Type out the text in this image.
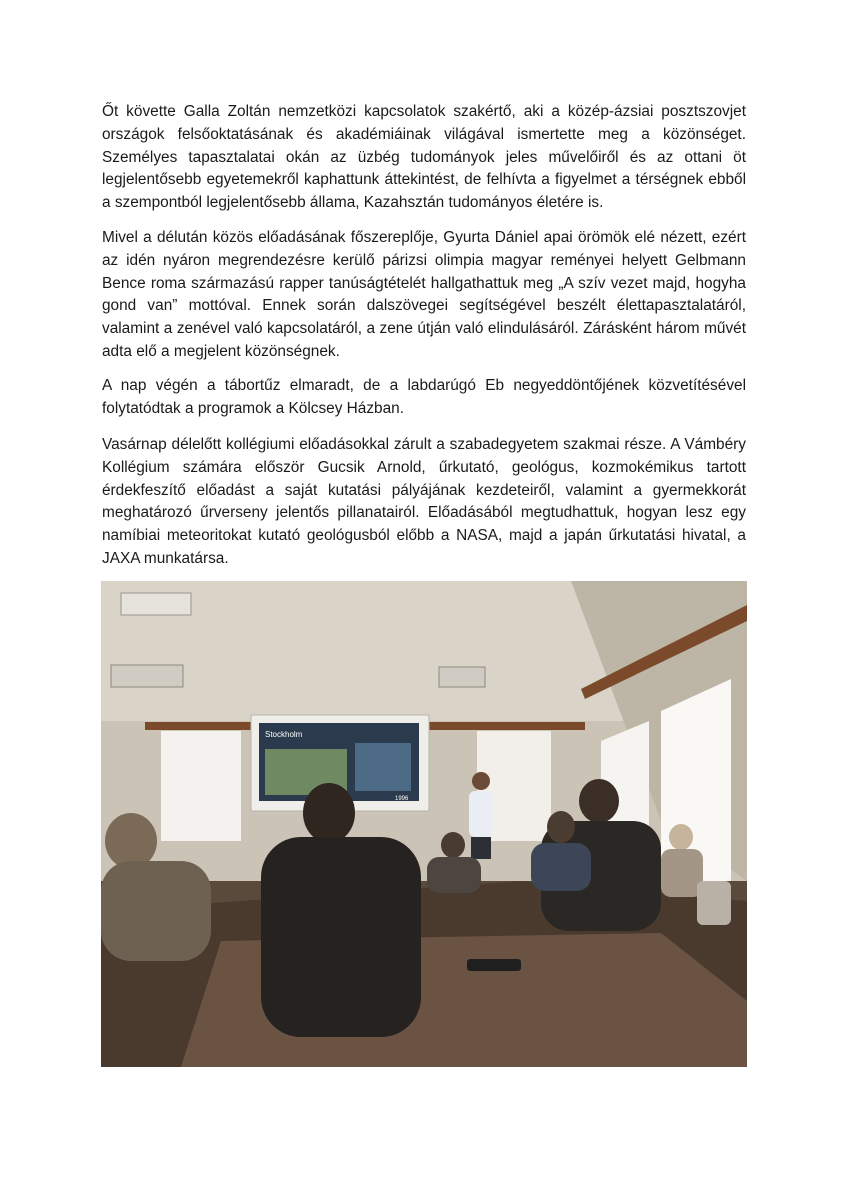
Őt követte Galla Zoltán nemzetközi kapcsolatok szakértő, aki a közép-ázsiai posztszovjet országok felsőoktatásának és akadémiáinak világával ismertette meg a közönséget. Személyes tapasztalatai okán az üzbég tudományok jeles művelőiről és az ottani öt legjelentősebb egyetemekről kaphattunk áttekintést, de felhívta a figyelmet a térségnek ebből a szempontból legjelentősebb állama, Kazahsztán tudományos életére is.
Mivel a délután közös előadásának főszereplője, Gyurta Dániel apai örömök elé nézett, ezért az idén nyáron megrendezésre kerülő párizsi olimpia magyar reményei helyett Gelbmann Bence roma származású rapper tanúságtételét hallgathattuk meg „A szív vezet majd, hogyha gond van” mottóval. Ennek során dalszövegei segítségével beszélt élettapasztalatáról, valamint a zenével való kapcsolatáról, a zene útján való elindulásáról. Zárásként három művét adta elő a megjelent közönségnek.
A nap végén a tábortűz elmaradt, de a labdarúgó Eb negyeddöntőjének közvetítésével folytatódtak a programok a Kölcsey Házban.
Vasárnap délelőtt kollégiumi előadásokkal zárult a szabadegyetem szakmai része. A Vámbéry Kollégium számára először Gucsik Arnold, űrkutató, geológus, kozmokémikus tartott érdekfeszítő előadást a saját kutatási pályájának kezdeteiről, valamint a gyermekkorát meghatározó űrverseny jelentős pillanatairól. Előadásából megtudhattuk, hogyan lesz egy namíbiai meteoritokat kutató geológusból előbb a NASA, majd a japán űrkutatási hivatal, a JAXA munkatársa.
Stockholm
1996
